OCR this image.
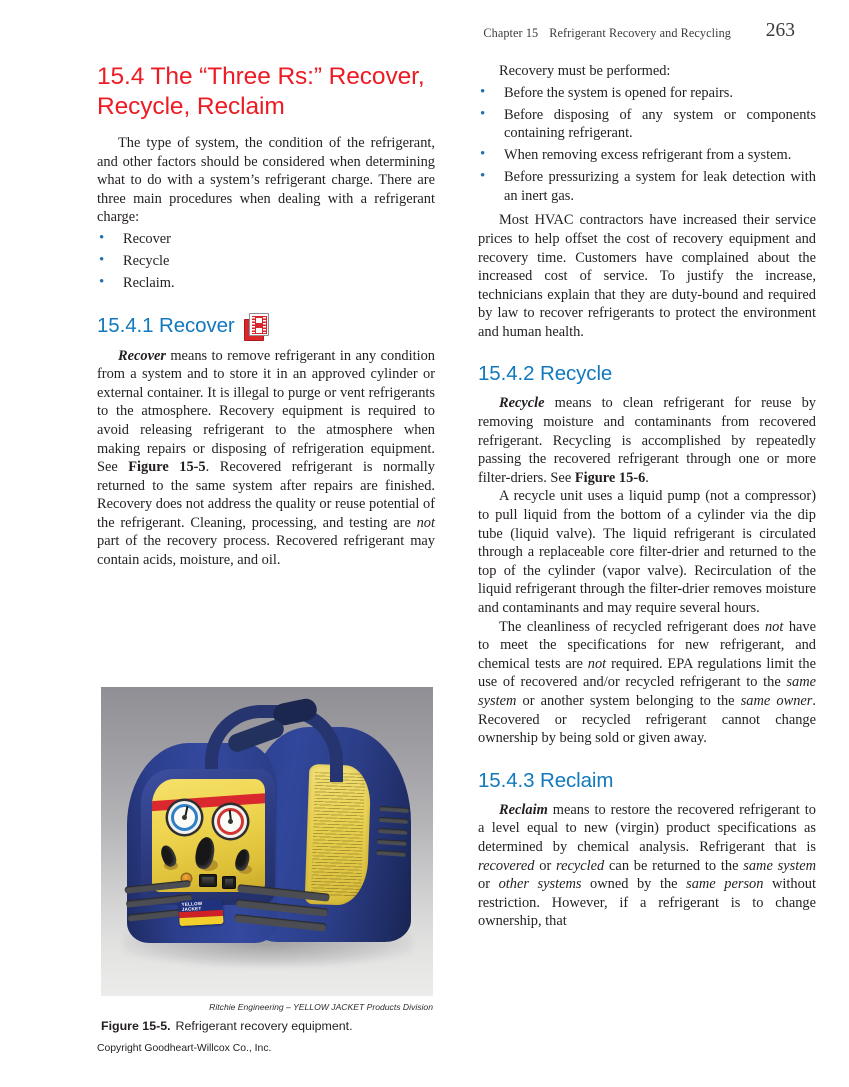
Chapter 15 Refrigerant Recovery and Recycling 263
15.4 The “Three Rs:” Recover, Recycle, Reclaim

The type of system, the condition of the refrigerant, and other factors should be considered when determining what to do with a system’s refrigerant charge. There are three main procedures when dealing with a refrigerant charge:

• Recover
• Recycle
• Reclaim.
15.4.1 Recover

Recover means to remove refrigerant in any condition from a system and to store it in an approved cylinder or external container. It is illegal to purge or vent refrigerants to the atmosphere. Recovery equipment is required to avoid releasing refrigerant to the atmosphere when making repairs or disposing of refrigeration equipment. See Figure 15-5. Recovered refrigerant is normally returned to the same system after repairs are finished. Recovery does not address the quality or reuse potential of the refrigerant. Cleaning, processing, and testing are not part of the recovery process. Recovered refrigerant may contain acids, moisture, and oil.

Recovery must be performed:

• Before the system is opened for repairs.
• Before disposing of any system or components containing refrigerant.
• When removing excess refrigerant from a system.
• Before pressurizing a system for leak detection with an inert gas.

Most HVAC contractors have increased their service prices to help offset the cost of recovery equipment and recovery time. Customers have complained about the increased cost of service. To justify the increase, technicians explain that they are duty-bound and required by law to recover refrigerants to protect the environment and human health.

15.4.2 Recycle

Recycle means to clean refrigerant for reuse by removing moisture and contaminants from recovered refrigerant. Recycling is accomplished by repeatedly passing the recovered refrigerant through one or more filter-driers. See Figure 15-6.

A recycle unit uses a liquid pump (not a compressor) to pull liquid from the bottom of a cylinder via the dip tube (liquid valve). The liquid refrigerant is circulated through a replaceable core filter-drier and returned to the top of the cylinder (vapor valve). Recirculation of the liquid refrigerant through the filter-drier removes moisture and contaminants and may require several hours.

The cleanliness of recycled refrigerant does not have to meet the specifications for new refrigerant, and chemical tests are not required. EPA regulations limit the use of recovered and/or recycled refrigerant to the same system or another system belonging to the same owner. Recovered or recycled refrigerant cannot change ownership by being sold or given away.

15.4.3 Reclaim

Reclaim means to restore the recovered refrigerant to a level equal to new (virgin) product specifications as determined by chemical analysis. Refrigerant that is recovered or recycled can be returned to the same system or other systems owned by the same person without restriction. However, if a refrigerant is to change ownership, that

YELLOW
JACKET
Ritchie Engineering – YELLOW JACKET Products Division
Figure 15-5. Refrigerant recovery equipment.
Copyright Goodheart-Willcox Co., Inc.
